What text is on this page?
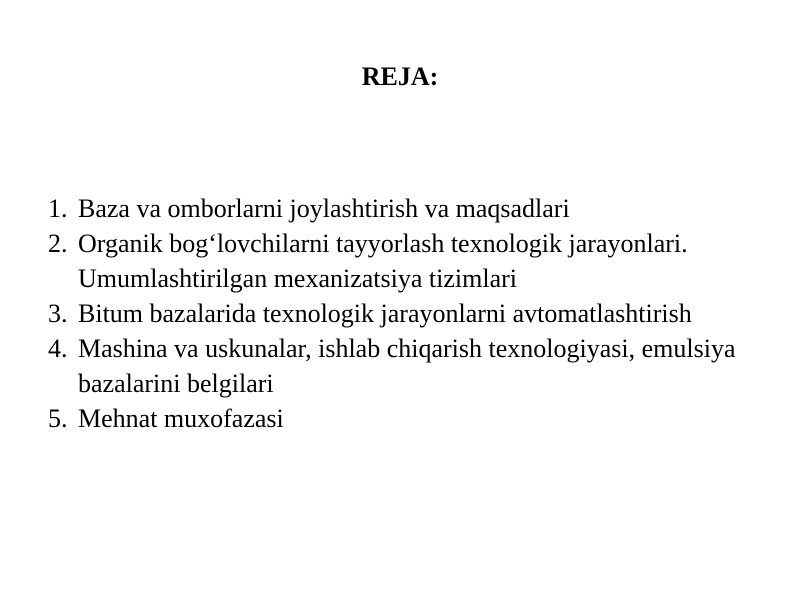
REJA:
1. Baza va omborlarni joylashtirish va maqsadlari
2. Organik bog‘lovchilarni tayyorlash texnologik jarayonlari. Umumlashtirilgan mexanizatsiya tizimlari
3. Bitum bazalarida texnologik jarayonlarni avtomatlashtirish
4. Mashina va uskunalar, ishlab chiqarish texnologiyasi, emulsiya bazalarini belgilari
5. Mehnat muxofazasi
